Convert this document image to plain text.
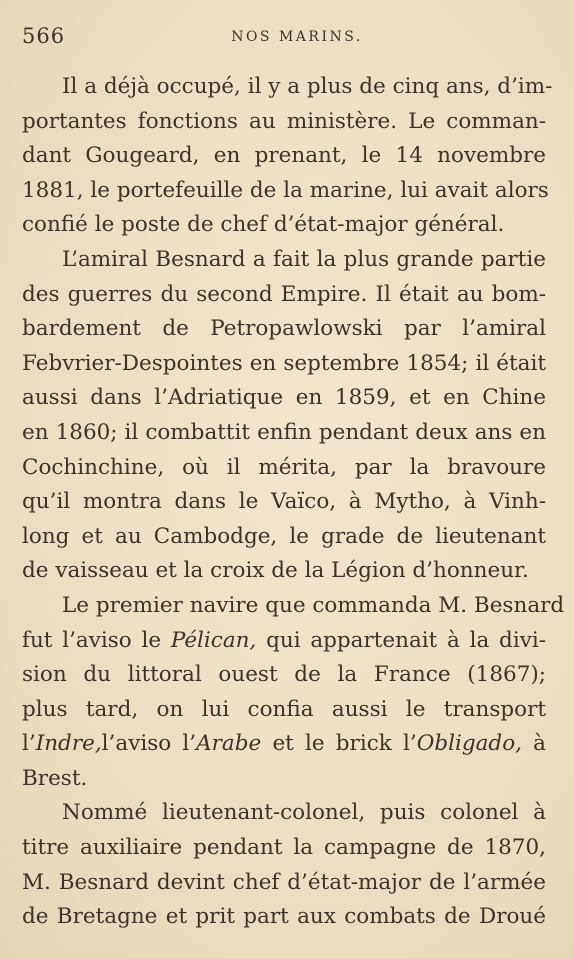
566	NOS MARINS.

Il a déjà occupé, il y a plus de cinq ans, d’im-
portantes fonctions au ministère. Le comman-
dant Gougeard, en prenant, le 14 novembre
1881, le portefeuille de la marine, lui avait alors
confié le poste de chef d’état-major général.

L’amiral Besnard a fait la plus grande partie
des guerres du second Empire. Il était au bom-
bardement de Petropawlowski par l’amiral
Febvrier-Despointes en septembre 1854; il était
aussi dans l’Adriatique en 1859, et en Chine
en 1860; il combattit enfin pendant deux ans en
Cochinchine, où il mérita, par la bravoure
qu’il montra dans le Vaïco, à Mytho, à Vinh-
long et au Cambodge, le grade de lieutenant
de vaisseau et la croix de la Légion d’honneur.

Le premier navire que commanda M. Besnard
fut l’aviso le Pélican, qui appartenait à la divi-
sion du littoral ouest de la France (1867);
plus tard, on lui confia aussi le transport
l’Indre,l’aviso l’Arabe et le brick l’Obligado, à
Brest.

Nommé lieutenant-colonel, puis colonel à
titre auxiliaire pendant la campagne de 1870,
M. Besnard devint chef d’état-major de l’armée
de Bretagne et prit part aux combats de Droué
